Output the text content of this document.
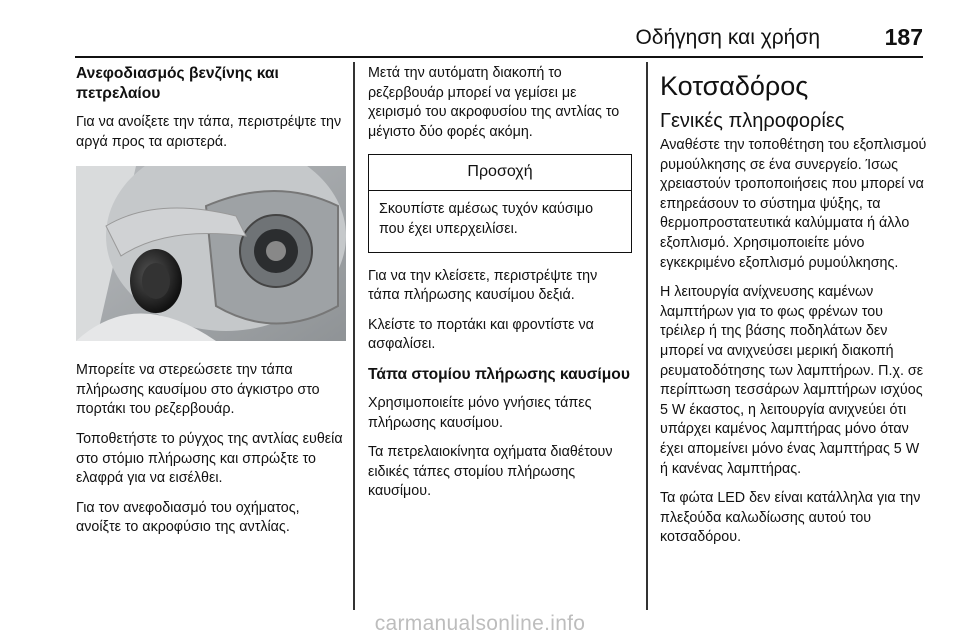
Οδήγηση και χρήση	187
Ανεφοδιασμός βενζίνης και πετρελαίου

Για να ανοίξετε την τάπα, περιστρέψτε την αργά προς τα αριστερά.

Μπορείτε να στερεώσετε την τάπα πλήρωσης καυσίμου στο άγκιστρο στο πορτάκι του ρεζερβουάρ.

Τοποθετήστε το ρύγχος της αντλίας ευθεία στο στόμιο πλήρωσης και σπρώξτε το ελαφρά για να εισέλθει.

Για τον ανεφοδιασμό του οχήματος, ανοίξτε το ακροφύσιο της αντλίας.

Μετά την αυτόματη διακοπή το ρεζερβουάρ μπορεί να γεμίσει με χειρισμό του ακροφυσίου της αντλίας το μέγιστο δύο φορές ακόμη.

Προσοχή
Σκουπίστε αμέσως τυχόν καύσιμο που έχει υπερχειλίσει.

Για να την κλείσετε, περιστρέψτε την τάπα πλήρωσης καυσίμου δεξιά.

Κλείστε το πορτάκι και φροντίστε να ασφαλίσει.

Τάπα στομίου πλήρωσης καυσίμου

Χρησιμοποιείτε μόνο γνήσιες τάπες πλήρωσης καυσίμου.

Τα πετρελαιοκίνητα οχήματα διαθέτουν ειδικές τάπες στομίου πλήρωσης καυσίμου.

Κοτσαδόρος
Γενικές πληροφορίες

Αναθέστε την τοποθέτηση του εξοπλισμού ρυμούλκησης σε ένα συνεργείο. Ίσως χρειαστούν τροποποιήσεις που μπορεί να επηρεάσουν το σύστημα ψύξης, τα θερμοπροστατευτικά καλύμματα ή άλλο εξοπλισμό. Χρησιμοποιείτε μόνο εγκεκριμένο εξοπλισμό ρυμούλκησης.

Η λειτουργία ανίχνευσης καμένων λαμπτήρων για το φως φρένων του τρέιλερ ή της βάσης ποδηλάτων δεν μπορεί να ανιχνεύσει μερική διακοπή ρευματοδότησης των λαμπτήρων. Π.χ. σε περίπτωση τεσσάρων λαμπτήρων ισχύος 5 W έκαστος, η λειτουργία ανιχνεύει ότι υπάρχει καμένος λαμπτήρας μόνο όταν έχει απομείνει μόνο ένας λαμπτήρας 5 W ή κανένας λαμπτήρας.

Τα φώτα LED δεν είναι κατάλληλα για την πλεξούδα καλωδίωσης αυτού του κοτσαδόρου.

carmanualsonline.info
